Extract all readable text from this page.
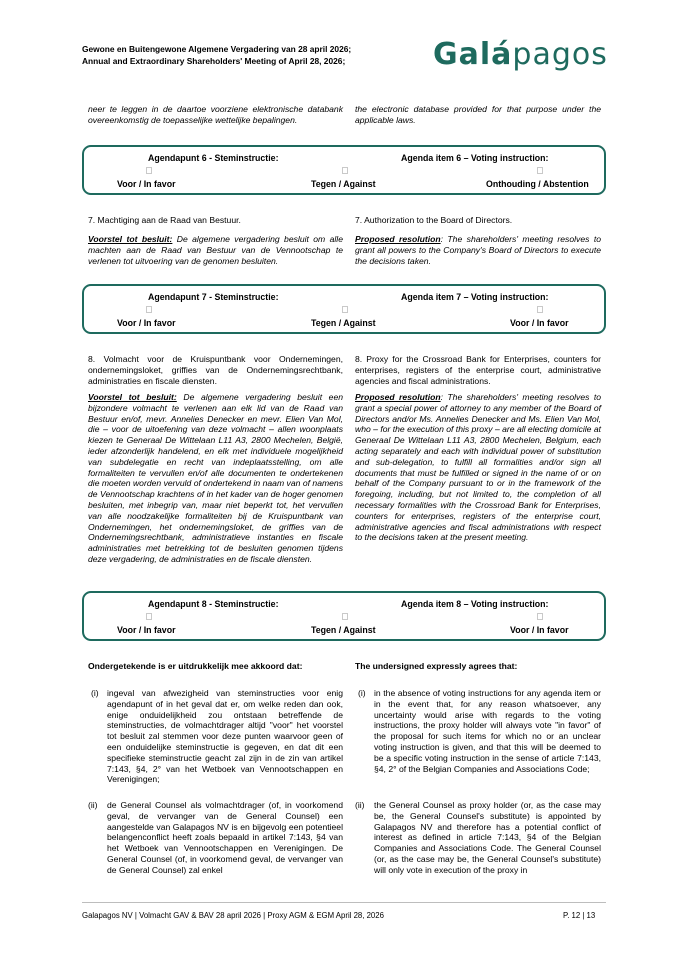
Gewone en Buitengewone Algemene Vergadering van 28 april 2026;
Annual and Extraordinary Shareholders' Meeting of April 28, 2026;	Galápagos
neer te leggen in de daartoe voorziene elektronische databank overeenkomstig de toepasselijke wettelijke bepalingen.
the electronic database provided for that purpose under the applicable laws.
Agendapunt 6 - Steminstructie:	Agenda item 6 – Voting instruction:
Voor / In favor	Tegen / Against	Onthouding / Abstention
7. Machtiging aan de Raad van Bestuur.	7. Authorization to the Board of Directors.
Voorstel tot besluit: De algemene vergadering besluit om alle machten aan de Raad van Bestuur van de Vennootschap te verlenen tot uitvoering van de genomen besluiten.
Proposed resolution: The shareholders' meeting resolves to grant all powers to the Company's Board of Directors to execute the decisions taken.
Agendapunt 7 - Steminstructie:	Agenda item 7 – Voting instruction:
Voor / In favor	Tegen / Against	Voor / In favor
8. Volmacht voor de Kruispuntbank voor Ondernemingen, ondernemingsloket, griffies van de Ondernemingsrechtbank, administraties en fiscale diensten.
8. Proxy for the Crossroad Bank for Enterprises, counters for enterprises, registers of the enterprise court, administrative agencies and fiscal administrations.
Voorstel tot besluit: De algemene vergadering besluit een bijzondere volmacht te verlenen aan elk lid van de Raad van Bestuur en/of, mevr. Annelies Denecker en mevr. Elien Van Mol, die – voor de uitoefening van deze volmacht – allen woonplaats kiezen te Generaal De Wittelaan L11 A3, 2800 Mechelen, België, ieder afzonderlijk handelend, en elk met individuele mogelijkheid van subdelegatie en recht van indeplaatsstelling, om alle formaliteiten te vervullen en/of alle documenten te ondertekenen die moeten worden vervuld of ondertekend in naam van of namens de Vennootschap krachtens of in het kader van de hoger genomen besluiten, met inbegrip van, maar niet beperkt tot, het vervullen van alle noodzakelijke formaliteiten bij de Kruispuntbank van Ondernemingen, het ondernemingsloket, de griffies van de Ondernemingsrechtbank, administratieve instanties en fiscale administraties met betrekking tot de besluiten genomen tijdens deze vergadering, de administraties en de fiscale diensten.
Proposed resolution: The shareholders' meeting resolves to grant a special power of attorney to any member of the Board of Directors and/or Ms. Annelies Denecker and Ms. Elien Van Mol, who – for the execution of this proxy – are all electing domicile at Generaal De Wittelaan L11 A3, 2800 Mechelen, Belgium, each acting separately and each with individual power of substitution and sub-delegation, to fulfill all formalities and/or sign all documents that must be fulfilled or signed in the name of or on behalf of the Company pursuant to or in the framework of the foregoing, including, but not limited to, the completion of all necessary formalities with the Crossroad Bank for Enterprises, counters for enterprises, registers of the enterprise court, administrative agencies and fiscal administrations with respect to the decisions taken at the present meeting.
Agendapunt 8 - Steminstructie:	Agenda item 8 – Voting instruction:
Voor / In favor	Tegen / Against	Voor / In favor
Ondergetekende is er uitdrukkelijk mee akkoord dat:	The undersigned expressly agrees that:
(i) ingeval van afwezigheid van steminstructies voor enig agendapunt of in het geval dat er, om welke reden dan ook, enige onduidelijkheid zou ontstaan betreffende de steminstructies, de volmachtdrager altijd "voor" het voorstel tot besluit zal stemmen voor deze punten waarvoor geen of een onduidelijke steminstructie is gegeven, en dat dit een specifieke steminstructie geacht zal zijn in de zin van artikel 7:143, §4, 2° van het Wetboek van Vennootschappen en Verenigingen;
(i) in the absence of voting instructions for any agenda item or in the event that, for any reason whatsoever, any uncertainty would arise with regards to the voting instructions, the proxy holder will always vote "in favor" of the proposal for such items for which no or an unclear voting instruction is given, and that this will be deemed to be a specific voting instruction in the sense of article 7:143, §4, 2° of the Belgian Companies and Associations Code;
(ii) de General Counsel als volmachtdrager (of, in voorkomend geval, de vervanger van de General Counsel) een aangestelde van Galapagos NV is en bijgevolg een potentieel belangenconflict heeft zoals bepaald in artikel 7:143, §4 van het Wetboek van Vennootschappen en Verenigingen. De General Counsel (of, in voorkomend geval, de vervanger van de General Counsel) zal enkel
(ii) the General Counsel as proxy holder (or, as the case may be, the General Counsel's substitute) is appointed by Galapagos NV and therefore has a potential conflict of interest as defined in article 7:143, §4 of the Belgian Companies and Associations Code. The General Counsel (or, as the case may be, the General Counsel's substitute) will only vote in execution of the proxy in
Galapagos NV | Volmacht GAV & BAV 28 april 2026 | Proxy AGM & EGM April 28, 2026	P. 12 | 13
